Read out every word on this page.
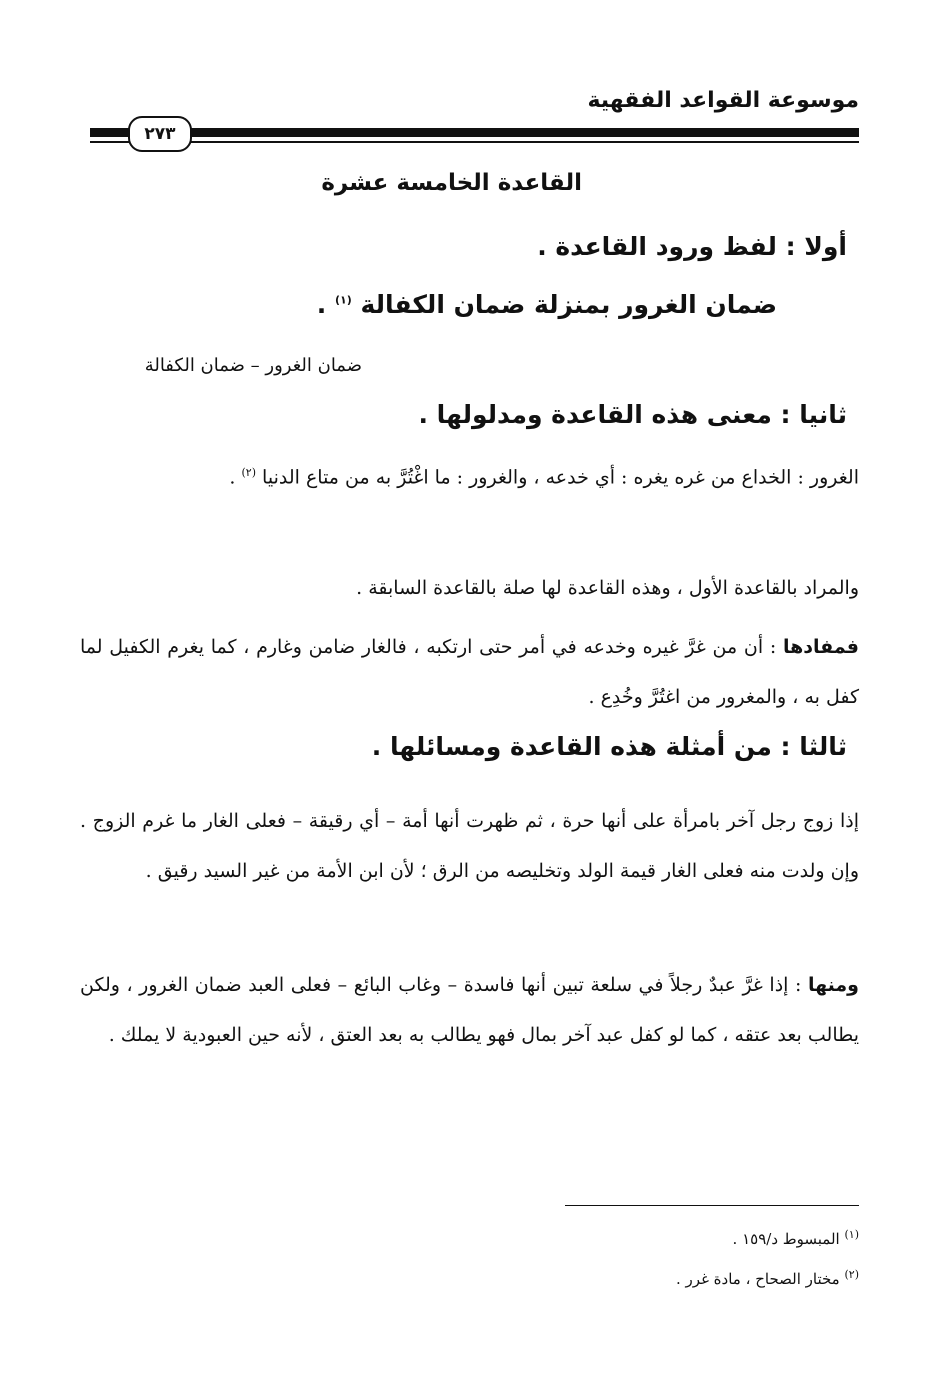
موسوعة القواعد الفقهية
٢٧٣
القاعدة الخامسة عشرة
أولا : لفظ ورود القاعدة .
ضمان الغرور بمنزلة ضمان الكفالة $^{(١)}$ .
ضمان الغرور – ضمان الكفالة
ثانيا : معنى هذه القاعدة ومدلولها .
الغرور : الخداع من غره يغره : أي خدعه ، والغرور : ما اغْتُرَّ به من متاع الدنيا $^{(٢)}$ .
والمراد بالقاعدة الأول ، وهذه القاعدة لها صلة بالقاعدة السابقة .
فمفادها : أن من غرَّ غيره وخدعه في أمر حتى ارتكبه ، فالغار ضامن وغارم ، كما يغرم الكفيل لما كفل به ، والمغرور من اغتُرَّ وخُدِع .
ثالثا : من أمثلة هذه القاعدة ومسائلها .
إذا زوج رجل آخر بامرأة على أنها حرة ، ثم ظهرت أنها أمة – أي رقيقة – فعلى الغار ما غرم الزوج . وإن ولدت منه فعلى الغار قيمة الولد وتخليصه من الرق ؛ لأن ابن الأمة من غير السيد رقيق .
ومنها : إذا غرَّ عبدٌ رجلاً في سلعة تبين أنها فاسدة – وغاب البائع – فعلى العبد ضمان الغرور ، ولكن يطالب بعد عتقه ، كما لو كفل عبد آخر بمال فهو يطالب به بعد العتق ، لأنه حين العبودية لا يملك .
$^{(١)}$ المبسوط د/١٥٩ .
$^{(٢)}$ مختار الصحاح ، مادة غرر .
